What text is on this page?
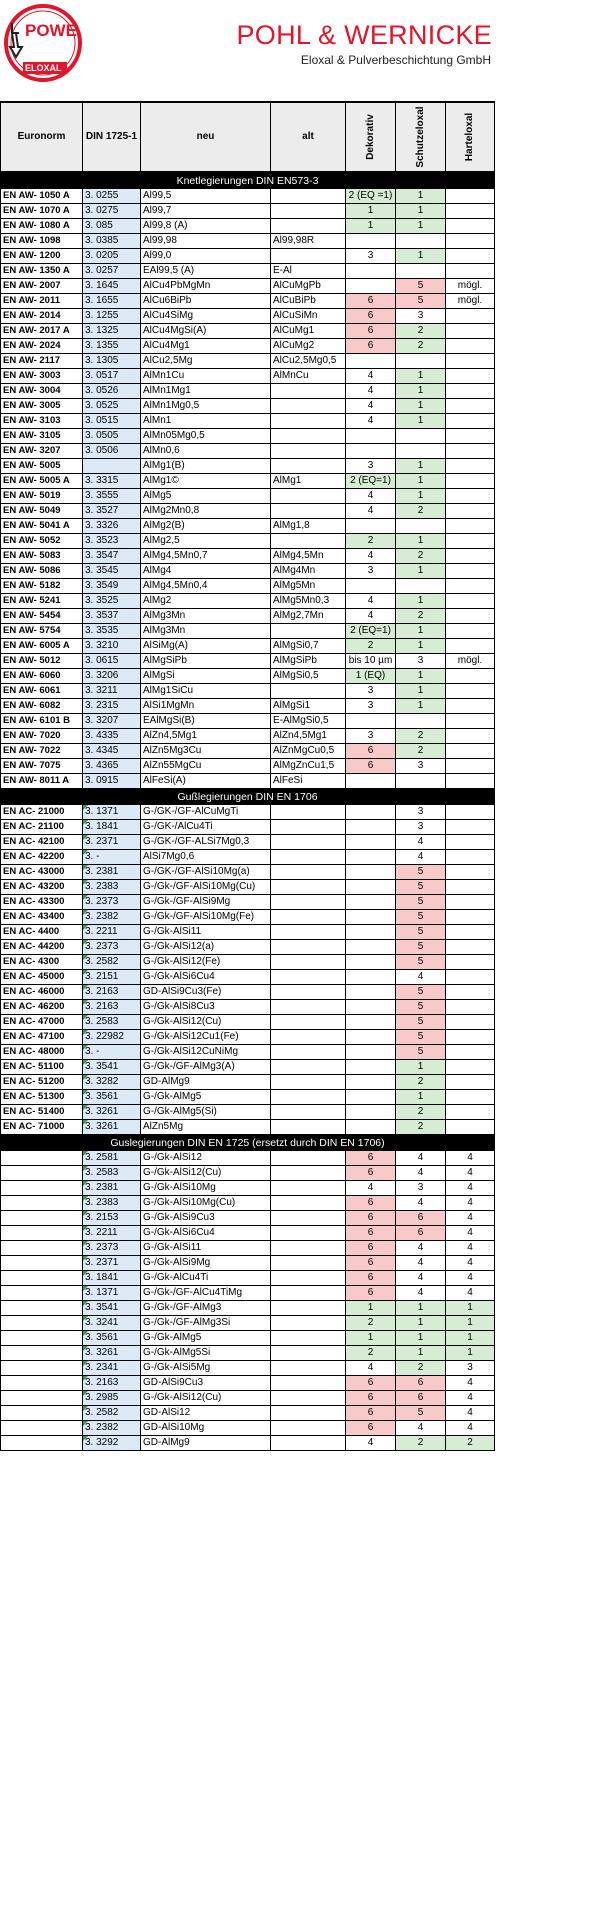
POWE
ELOXAL
POHL & WERNICKE
Eloxal & Pulverbeschichtung GmbH
Euronorm	DIN 1725-1	neu	alt	Dekorativ	Schutzeloxal	Harteloxal

Knetlegierungen DIN EN573-3						
EN AW- 1050 A	3. 0255	Al99,5		2 (EQ =1)	1	
EN AW- 1070 A	3. 0275	Al99,7		1	1	
EN AW- 1080 A	3. 085	Al99,8 (A)		1	1	
EN AW- 1098	3. 0385	Al99,98	Al99,98R			
EN AW- 1200	3. 0205	Al99,0		3	1	
EN AW- 1350 A	3. 0257	EAl99,5 (A)	E-Al			
EN AW- 2007	3. 1645	AlCu4PbMgMn	AlCuMgPb		5	mögl.
EN AW- 2011	3. 1655	AlCu6BiPb	AlCuBiPb	6	5	mögl.
EN AW- 2014	3. 1255	AlCu4SiMg	AlCuSiMn	6	3	
EN AW- 2017 A	3. 1325	AlCu4MgSi(A)	AlCuMg1	6	2	
EN AW- 2024	3. 1355	AlCu4Mg1	AlCuMg2	6	2	
EN AW- 2117	3. 1305	AlCu2,5Mg	AlCu2,5Mg0,5			
EN AW- 3003	3. 0517	AlMn1Cu	AlMnCu	4	1	
EN AW- 3004	3. 0526	AlMn1Mg1		4	1	
EN AW- 3005	3. 0525	AlMn1Mg0,5		4	1	
EN AW- 3103	3. 0515	AlMn1		4	1	
EN AW- 3105	3. 0505	AlMn05Mg0,5				
EN AW- 3207	3. 0506	AlMn0,6				
EN AW- 5005		AlMg1(B)		3	1	
EN AW- 5005 A	3. 3315	AlMg1©	AlMg1	2 (EQ=1)	1	
EN AW- 5019	3. 3555	AlMg5		4	1	
EN AW- 5049	3. 3527	AlMg2Mn0,8		4	2	
EN AW- 5041 A	3. 3326	AlMg2(B)	AlMg1,8			
EN AW- 5052	3. 3523	AlMg2,5		2	1	
EN AW- 5083	3. 3547	AlMg4,5Mn0,7	AlMg4,5Mn	4	2	
EN AW- 5086	3. 3545	AlMg4	AlMg4Mn	3	1	
EN AW- 5182	3. 3549	AlMg4,5Mn0,4	AlMg5Mn			
EN AW- 5241	3. 3525	AlMg2	AlMg5Mn0,3	4	1	
EN AW- 5454	3. 3537	AlMg3Mn	AlMg2,7Mn	4	2	
EN AW- 5754	3. 3535	AlMg3Mn		2 (EQ=1)	1	
EN AW- 6005 A	3. 3210	AlSiMg(A)	AlMgSi0,7	2	1	
EN AW- 5012	3. 0615	AlMgSiPb	AlMgSiPb	bis 10 µm	3	mögl.
EN AW- 6060	3. 3206	AlMgSi	AlMgSi0,5	1 (EQ)	1	
EN AW- 6061	3. 3211	AlMg1SiCu		3	1	
EN AW- 6082	3. 2315	AlSi1MgMn	AlMgSi1	3	1	
EN AW- 6101 B	3. 3207	EAlMgSi(B)	E-AlMgSi0,5			
EN AW- 7020	3. 4335	AlZn4,5Mg1	AlZn4,5Mg1	3	2	
EN AW- 7022	3. 4345	AlZn5Mg3Cu	AlZnMgCu0,5	6	2	
EN AW- 7075	3. 4365	AlZn55MgCu	AlMgZnCu1,5	6	3	
EN AW- 8011 A	3. 0915	AlFeSi(A)	AlFeSi			
Gußlegierungen DIN EN 1706						
EN AC- 21000	3. 1371	G-/GK-/GF-AlCuMgTi			3	
EN AC- 21100	3. 1841	G-/GK-/AlCu4Ti			3	
EN AC- 42100	3. 2371	G-/GK-/GF-ALSi7Mg0,3			4	
EN AC- 42200	3. -	AlSi7Mg0,6			4	
EN AC- 43000	3. 2381	G-/GK-/GF-AlSi10Mg(a)			5	
EN AC- 43200	3. 2383	G-/Gk-/GF-AlSi10Mg(Cu)			5	
EN AC- 43300	3. 2373	G-/Gk-/GF-AlSi9Mg			5	
EN AC- 43400	3. 2382	G-/Gk-/GF-AlSi10Mg(Fe)			5	
EN AC- 4400	3. 2211	G-/Gk-AlSi11			5	
EN AC- 44200	3. 2373	G-/Gk-AlSi12(a)			5	
EN AC- 4300	3. 2582	G-/Gk-AlSi12(Fe)			5	
EN AC- 45000	3. 2151	G-/Gk-AlSi6Cu4			4	
EN AC- 46000	3. 2163	GD-AlSi9Cu3(Fe)			5	
EN AC- 46200	3. 2163	G-/Gk-AlSi8Cu3			5	
EN AC- 47000	3. 2583	G-/Gk-AlSi12(Cu)			5	
EN AC- 47100	3. 22982	G-/Gk-AlSi12Cu1(Fe)			5	
EN AC- 48000	3. -	G-/Gk-AlSi12CuNiMg			5	
EN AC- 51100	3. 3541	G-/Gk-/GF-AlMg3(A)			1	
EN AC- 51200	3. 3282	GD-AlMg9			2	
EN AC- 51300	3. 3561	G-/Gk-AlMg5			1	
EN AC- 51400	3. 3261	G-/Gk-AlMg5(Si)			2	
EN AC- 71000	3. 3261	AlZn5Mg			2	
Guslegierungen DIN EN 1725 (ersetzt durch DIN EN 1706)						
	3. 2581	G-/Gk-AlSi12		6	4	4
	3. 2583	G-/Gk-AlSi12(Cu)		6	4	4
	3. 2381	G-/Gk-AlSi10Mg		4	3	4
	3. 2383	G-/Gk-AlSi10Mg(Cu)		6	4	4
	3. 2153	G-/Gk-AlSi9Cu3		6	6	4
	3. 2211	G-/Gk-AlSi6Cu4		6	6	4
	3. 2373	G-/Gk-AlSi11		6	4	4
	3. 2371	G-/Gk-AlSi9Mg		6	4	4
	3. 1841	G-/Gk-AlCu4Ti		6	4	4
	3. 1371	G-/Gk-/GF-AlCu4TiMg		6	4	4
	3. 3541	G-/Gk-/GF-AlMg3		1	1	1
	3. 3241	G-/Gk-/GF-AlMg3Si		2	1	1
	3. 3561	G-/Gk-AlMg5		1	1	1
	3. 3261	G-/Gk-AlMg5Si		2	1	1
	3. 2341	G-/Gk-AlSi5Mg		4	2	3
	3. 2163	GD-AlSi9Cu3		6	6	4
	3. 2985	G-/Gk-AlSi12(Cu)		6	6	4
	3. 2582	GD-AlSi12		6	5	4
	3. 2382	GD-AlSi10Mg		6	4	4
	3. 3292	GD-AlMg9		4	2	2
